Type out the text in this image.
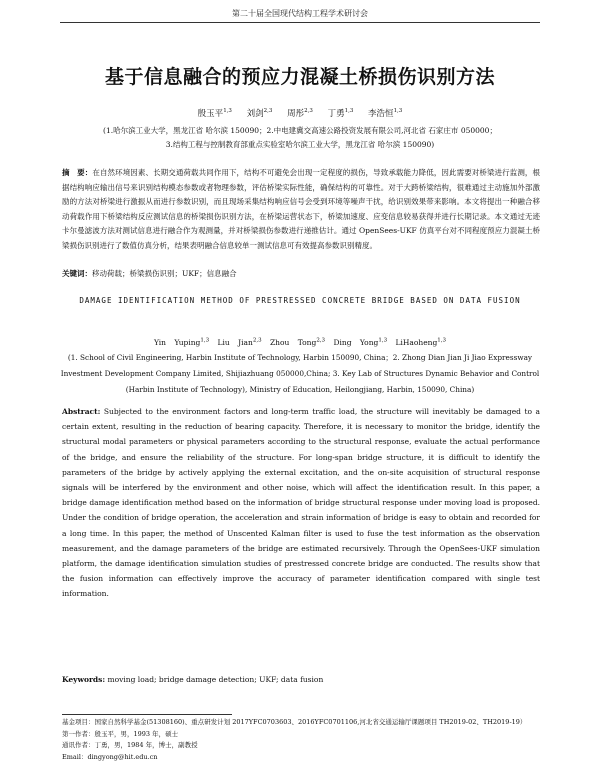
第二十届全国现代结构工程学术研讨会
基于信息融合的预应力混凝土桥损伤识别方法
殷玉平$^{1,3}$ 刘剑$^{2,3}$ 周彤$^{2,3}$ 丁勇$^{1,3}$ 李浩恒$^{1,3}$
(1.哈尔滨工业大学，黑龙江省 哈尔滨 150090；2.中电建冀交高速公路投资发展有限公司,河北省 石家庄市 050000；
3.结构工程与控制教育部重点实验室哈尔滨工业大学，黑龙江省 哈尔滨 150090)
摘　要：在自然环境因素、长期交通荷载共同作用下，结构不可避免会出现一定程度的损伤，导致承载能力降低，因此需要对桥梁进行监测，根据结构响应输出信号来识别结构模态参数或者物理参数，评估桥梁实际性能，确保结构的可靠性。对于大跨桥梁结构，很难通过主动施加外部激励的方法对桥梁进行激振从而进行参数识别，而且现场采集结构响应信号会受到环境等噪声干扰，给识别效果带来影响。本文将提出一种融合移动荷载作用下桥梁结构反应测试信息的桥梁损伤识别方法，在桥梁运营状态下，桥梁加速度、应变信息较易获得并进行长期记录。本文通过无迹卡尔曼滤波方法对测试信息进行融合作为观测量，并对桥梁损伤参数进行递推估计。通过 OpenSees-UKF 仿真平台对不同程度预应力混凝土桥梁损伤识别进行了数值仿真分析，结果表明融合信息较单一测试信息可有效提高参数识别精度。
关键词：移动荷载；桥梁损伤识别；UKF；信息融合
DAMAGE IDENTIFICATION METHOD OF PRESTRESSED CONCRETE BRIDGE BASED ON DATA FUSION
Yin Yuping$^{1,3}$ Liu Jian$^{2,3}$ Zhou Tong$^{2,3}$ Ding Yong$^{1,3}$ LiHaoheng$^{1,3}$
(1. School of Civil Engineering, Harbin Institute of Technology, Harbin 150090, China；2. Zhong Dian Jian Ji Jiao Expressway
Investment Development Company Limited, Shijiazhuang 050000,China; 3. Key Lab of Structures Dynamic Behavior and Control
(Harbin Institute of Technology), Ministry of Education, Heilongjiang, Harbin, 150090, China)
Abstract: Subjected to the environment factors and long-term traffic load, the structure will inevitably be damaged to a certain extent, resulting in the reduction of bearing capacity. Therefore, it is necessary to monitor the bridge, identify the structural modal parameters or physical parameters according to the structural response, evaluate the actual performance of the bridge, and ensure the reliability of the structure. For long-span bridge structure, it is difficult to identify the parameters of the bridge by actively applying the external excitation, and the on-site acquisition of structural response signals will be interfered by the environment and other noise, which will affect the identification result. In this paper, a bridge damage identification method based on the information of bridge structural response under moving load is proposed. Under the condition of bridge operation, the acceleration and strain information of bridge is easy to obtain and recorded for a long time. In this paper, the method of Unscented Kalman filter is used to fuse the test information as the observation measurement, and the damage parameters of the bridge are estimated recursively. Through the OpenSees-UKF simulation platform, the damage identification simulation studies of prestressed concrete bridge are conducted. The results show that the fusion information can effectively improve the accuracy of parameter identification compared with single test information.
Keywords: moving load; bridge damage detection; UKF; data fusion
基金项目：国家自然科学基金(51308160)、重点研发计划 2017YFC0703603、2016YFC0701106,河北省交通运输厅课题项目 TH2019-02、TH2019-19）
第一作者：殷玉平，男，1993 年，硕士
通讯作者：丁勇，男，1984 年，博士，副教授
Email：dingyong@hit.edu.cn
